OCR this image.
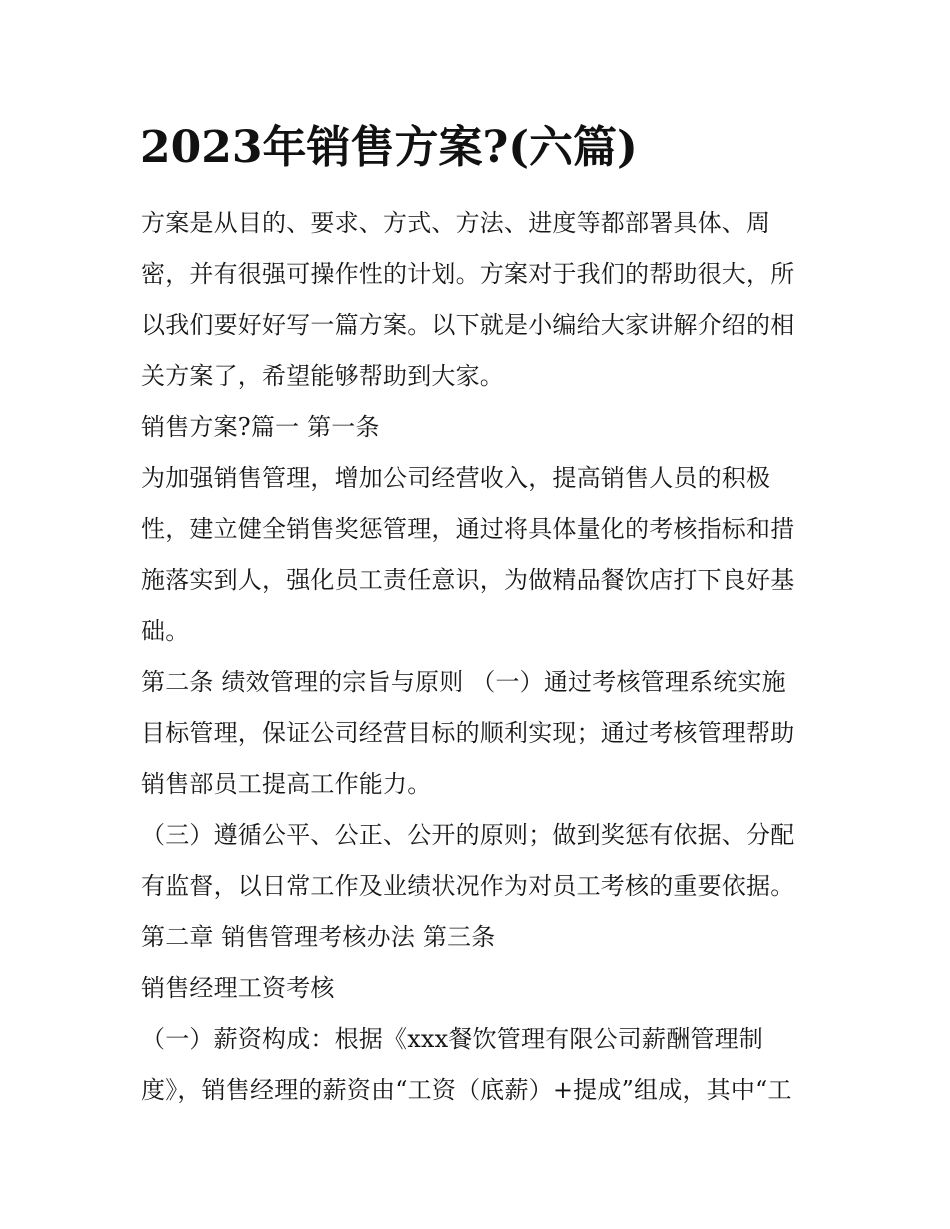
2023年销售方案?(六篇)
方案是从目的、要求、方式、方法、进度等都部署具体、周
密，并有很强可操作性的计划。方案对于我们的帮助很大，所
以我们要好好写一篇方案。以下就是小编给大家讲解介绍的相
关方案了，希望能够帮助到大家。
销售方案?篇一 第一条
为加强销售管理，增加公司经营收入，提高销售人员的积极
性，建立健全销售奖惩管理，通过将具体量化的考核指标和措
施落实到人，强化员工责任意识，为做精品餐饮店打下良好基
础。
第二条 绩效管理的宗旨与原则 （一）通过考核管理系统实施
目标管理，保证公司经营目标的顺利实现；通过考核管理帮助
销售部员工提高工作能力。
（三）遵循公平、公正、公开的原则；做到奖惩有依据、分配
有监督，以日常工作及业绩状况作为对员工考核的重要依据。
第二章 销售管理考核办法 第三条
销售经理工资考核
（一）薪资构成：根据《xxx餐饮管理有限公司薪酬管理制
度》，销售经理的薪资由“工资（底薪）+提成”组成，其中“工
